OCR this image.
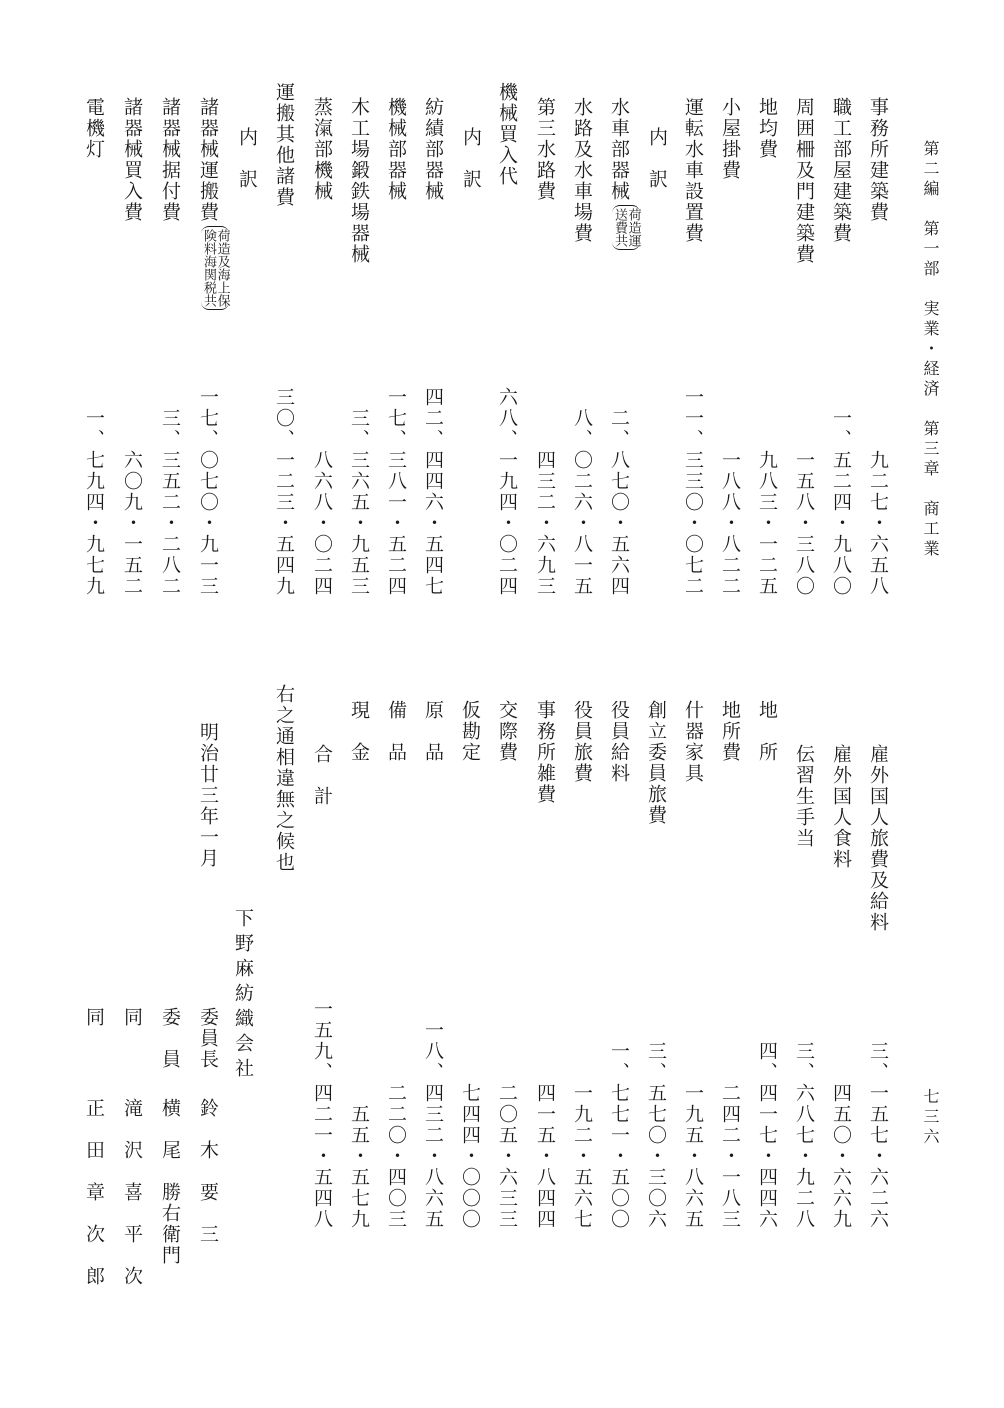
第二編　第一部　実業・経済　第三章　商工業
七三六
事務所建築費
職工部屋建築費
周囲柵及門建築費
地均費
小屋掛費
運転水車設置費
内　訳
水車部器械
荷造運
送費共
水路及水車場費
第三水路費
機械買入代
内　訳
紡績部器械
機械部器械
木工場鍛鉄場器械
蒸滊部機械
運搬其他諸費
内　訳
諸器械運搬費
荷造及海上保
険料海関税共
諸器械据付費
諸器械買入費
電機灯
九二七・六五八
一、五二四・九八〇
一五八・三八〇
九八三・一二五
一八八・八二二
一一、三三〇・〇七二
二、八七〇・五六四
八、〇二六・八一五
四三二・六九三
六八、一九四・〇二四
四二、四四六・五四七
一七、三八一・五二四
三、三六五・九五三
八六八・〇二四
三〇、一二三・五四九
一七、〇七〇・九一三
三、三五二・二八二
六〇九・一五二
一、七九四・九七九
雇外国人旅費及給料
雇外国人食料
伝習生手当
地　所
地所費
什器家具
創立委員旅費
役員給料
役員旅費
事務所雑費
交際費
仮勘定
原　品
備　品
現　金
合　計
右之通相違無之候也
明治廿三年一月
下野麻紡織会社
三、一五七・六二六
四五〇・六六九
三、六八七・九二八
四、四一七・四四六
二四二・一八三
一九五・八六五
三、五七〇・三〇六
一、七七一・五〇〇
一九二・五六七
四一五・八四四
二〇五・六三三
七四四・〇〇〇
一八、四三二・八六五
二二〇・四〇三
五五・五七九
一五九、四二一・五四八
委員長
鈴　木　要　三
委　員
横　尾　勝右衛門
同
滝　沢　喜　平　次
同
正　田　章　次　郎
